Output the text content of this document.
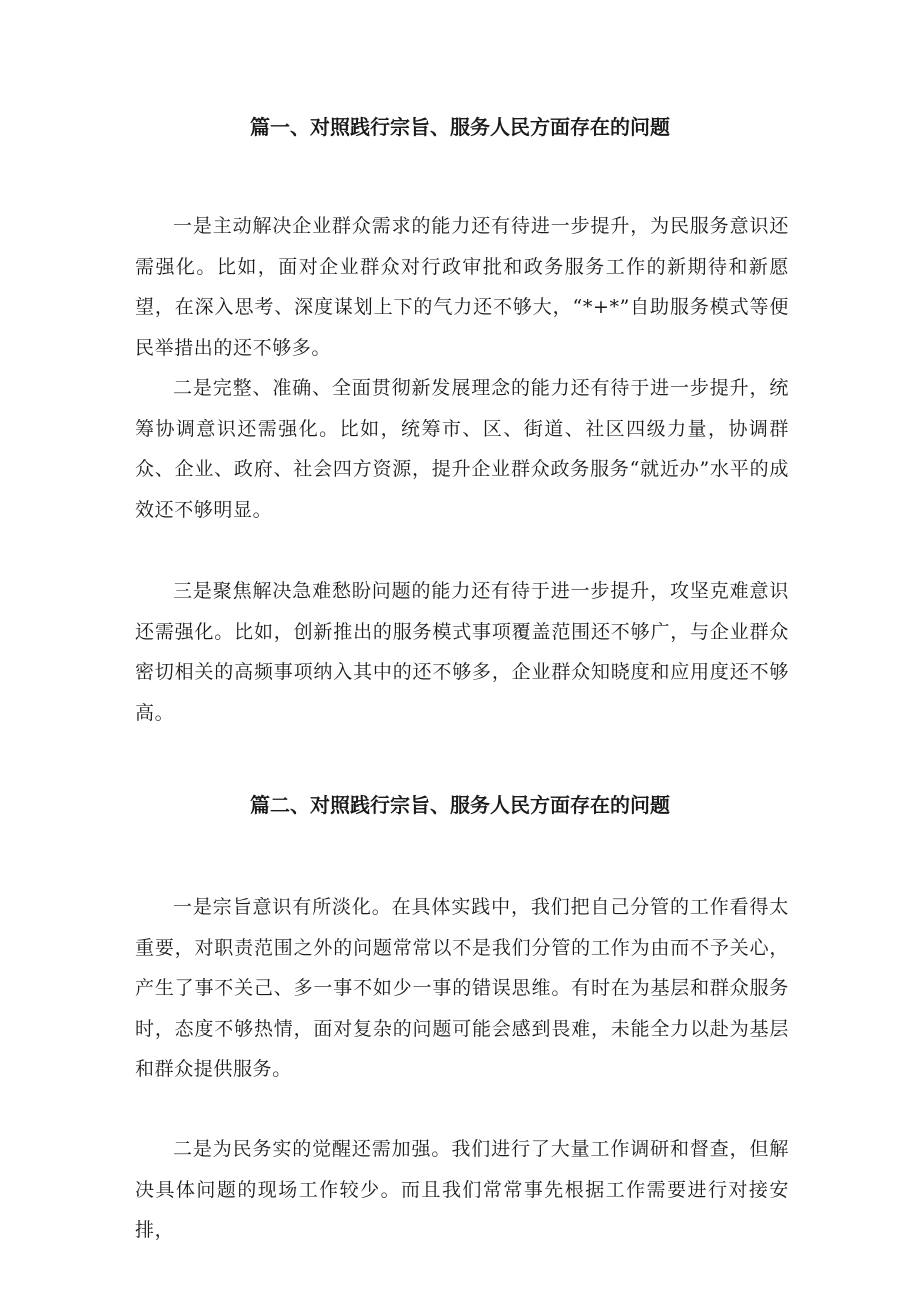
篇一、对照践行宗旨、服务人民方面存在的问题

一是主动解决企业群众需求的能力还有待进一步提升，为民服务意识还需强化。比如，面对企业群众对行政审批和政务服务工作的新期待和新愿望，在深入思考、深度谋划上下的气力还不够大，“*+*”自助服务模式等便民举措出的还不够多。

二是完整、准确、全面贯彻新发展理念的能力还有待于进一步提升，统筹协调意识还需强化。比如，统筹市、区、街道、社区四级力量，协调群众、企业、政府、社会四方资源，提升企业群众政务服务“就近办”水平的成效还不够明显。

三是聚焦解决急难愁盼问题的能力还有待于进一步提升，攻坚克难意识还需强化。比如，创新推出的服务模式事项覆盖范围还不够广，与企业群众密切相关的高频事项纳入其中的还不够多，企业群众知晓度和应用度还不够高。

篇二、对照践行宗旨、服务人民方面存在的问题

一是宗旨意识有所淡化。在具体实践中，我们把自己分管的工作看得太重要，对职责范围之外的问题常常以不是我们分管的工作为由而不予关心，产生了事不关己、多一事不如少一事的错误思维。有时在为基层和群众服务时，态度不够热情，面对复杂的问题可能会感到畏难，未能全力以赴为基层和群众提供服务。

二是为民务实的觉醒还需加强。我们进行了大量工作调研和督查，但解决具体问题的现场工作较少。而且我们常常事先根据工作需要进行对接安排，
